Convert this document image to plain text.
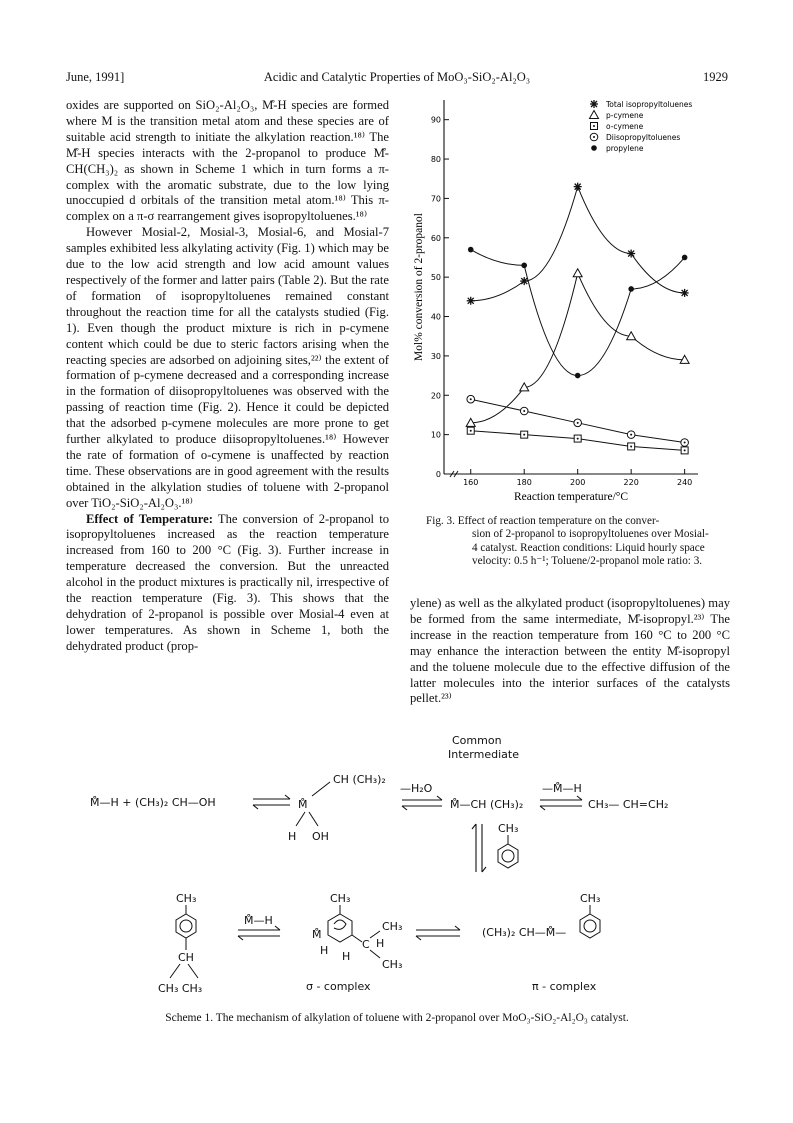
June, 1991]	Acidic and Catalytic Properties of MoO₃-SiO₂-Al₂O₃	1929

oxides are supported on SiO₂-Al₂O₃, M̊-H species are formed where M is the transition metal atom and these species are of suitable acid strength to initiate the alkylation reaction.¹⁸⁾ The M̊-H species interacts with the 2-propanol to produce M̊-CH(CH₃)₂ as shown in Scheme 1 which in turn forms a π-complex with the aromatic substrate, due to the low lying unoccupied d orbitals of the transition metal atom.¹⁸⁾ This π-complex on a π-σ rearrangement gives isopropyltoluenes.¹⁸⁾

However Mosial-2, Mosial-3, Mosial-6, and Mosial-7 samples exhibited less alkylating activity (Fig. 1) which may be due to the low acid strength and low acid amount values respectively of the former and latter pairs (Table 2). But the rate of formation of isopropyltoluenes remained constant throughout the reaction time for all the catalysts studied (Fig. 1). Even though the product mixture is rich in p-cymene content which could be due to steric factors arising when the reacting species are adsorbed on adjoining sites,²²⁾ the extent of formation of p-cymene decreased and a corresponding increase in the formation of diisopropyltoluenes was observed with the passing of reaction time (Fig. 2). Hence it could be depicted that the adsorbed p-cymene molecules are more prone to get further alkylated to produce diisopropyltoluenes.¹⁸⁾ However the rate of formation of o-cymene is unaffected by reaction time. These observations are in good agreement with the results obtained in the alkylation studies of toluene with 2-propanol over TiO₂-SiO₂-Al₂O₃.¹⁸⁾

Effect of Temperature: The conversion of 2-propanol to isopropyltoluenes increased as the reaction temperature increased from 160 to 200 °C (Fig. 3). Further increase in temperature decreased the conversion. But the unreacted alcohol in the product mixtures is practically nil, irrespective of the reaction temperature (Fig. 3). This shows that the dehydration of 2-propanol is possible over Mosial-4 even at lower temperatures. As shown in Scheme 1, both the dehydrated product (prop-

0
10
20
30
40
50
60
70
80
90
160	180	200	220	240
Reaction temperature/°C
Mol% conversion of 2-propanol
Total isopropyltoluenes
p-cymene
o-cymene
Diisopropyltoluenes
propylene
Fig. 3. Effect of reaction temperature on the conver-
sion of 2-propanol to isopropyltoluenes over Mosial-
4 catalyst. Reaction conditions: Liquid hourly space
velocity: 0.5 h⁻¹; Toluene/2-propanol mole ratio: 3.

ylene) as well as the alkylated product (isopropyltoluenes) may be formed from the same intermediate, M̊-isopropyl.²³⁾ The increase in the reaction temperature from 160 °C to 200 °C may enhance the interaction between the entity M̊-isopropyl and the toluene molecule due to the effective diffusion of the latter molecules into the interior surfaces of the catalysts pellet.²³⁾

M̊—H + (CH₃)₂ CH—OH	M̊
CH (CH₃)₂
H OH
—H₂O
Common
Intermediate
M̊—CH (CH₃)₂
—M̊—H
CH₃— CH=CH₂
CH₃
CH₃
CH
CH₃ CH₃
M̊—H
CH₃
M̊
H H
C
CH₃
H
CH₃
σ - complex
(CH₃)₂ CH—M̊—
CH₃
π - complex
Scheme 1. The mechanism of alkylation of toluene with 2-propanol over MoO₃-SiO₂-Al₂O₃ catalyst.
